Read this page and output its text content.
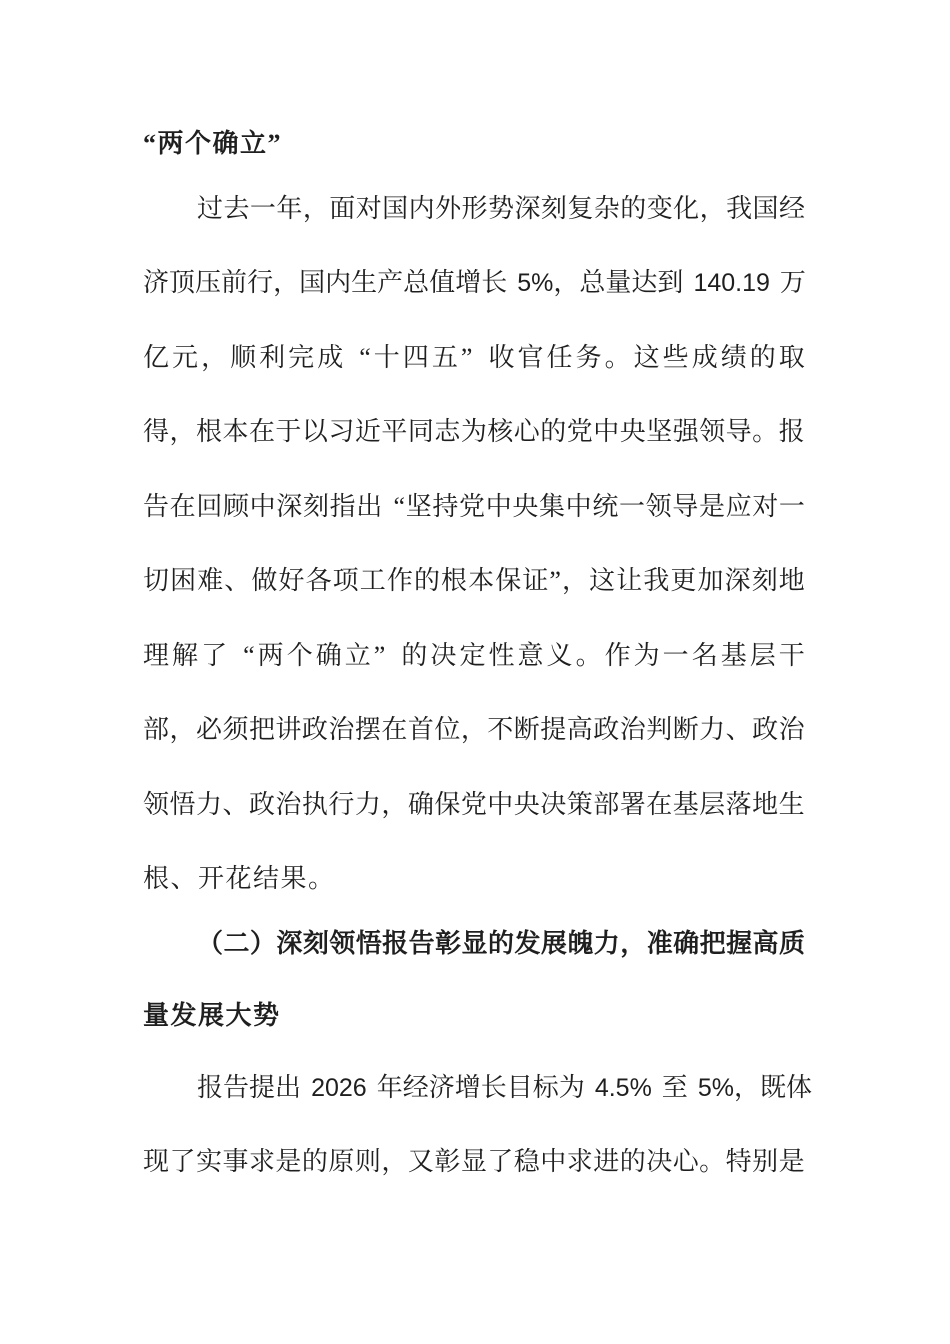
“两个确立”
过 去 一 年 ， 面 对 国 内 外 形 势 深 刻 复 杂 的 变 化 ， 我 国 经
济 顶 压 前 行 ， 国 内 生 产 总 值 增 长 5% ， 总 量 达 到 140.19 万
亿 元 ， 顺 利 完 成 “ 十 四 五 ” 收 官 任 务 。 这 些 成 绩 的 取
得 ， 根 本 在 于 以 习 近 平 同 志 为 核 心 的 党 中 央 坚 强 领 导 。 报
告 在 回 顾 中 深 刻 指 出 “ 坚 持 党 中 央 集 中 统 一 领 导 是 应 对 一
切 困 难 、 做 好 各 项 工 作 的 根 本 保 证 ” ， 这 让 我 更 加 深 刻 地
理 解 了 “ 两 个 确 立 ” 的 决 定 性 意 义 。 作 为 一 名 基 层 干
部 ， 必 须 把 讲 政 治 摆 在 首 位 ， 不 断 提 高 政 治 判 断 力 、 政 治
领 悟 力 、 政 治 执 行 力 ， 确 保 党 中 央 决 策 部 署 在 基 层 落 地 生
根、开花结果。
（ 二 ） 深 刻 领 悟 报 告 彰 显 的 发 展 魄 力 ， 准 确 把 握 高 质
量发展大势
报 告 提 出 2026 年 经 济 增 长 目 标 为 4.5% 至 5% ， 既 体
现 了 实 事 求 是 的 原 则 ， 又 彰 显 了 稳 中 求 进 的 决 心 。 特 别 是
